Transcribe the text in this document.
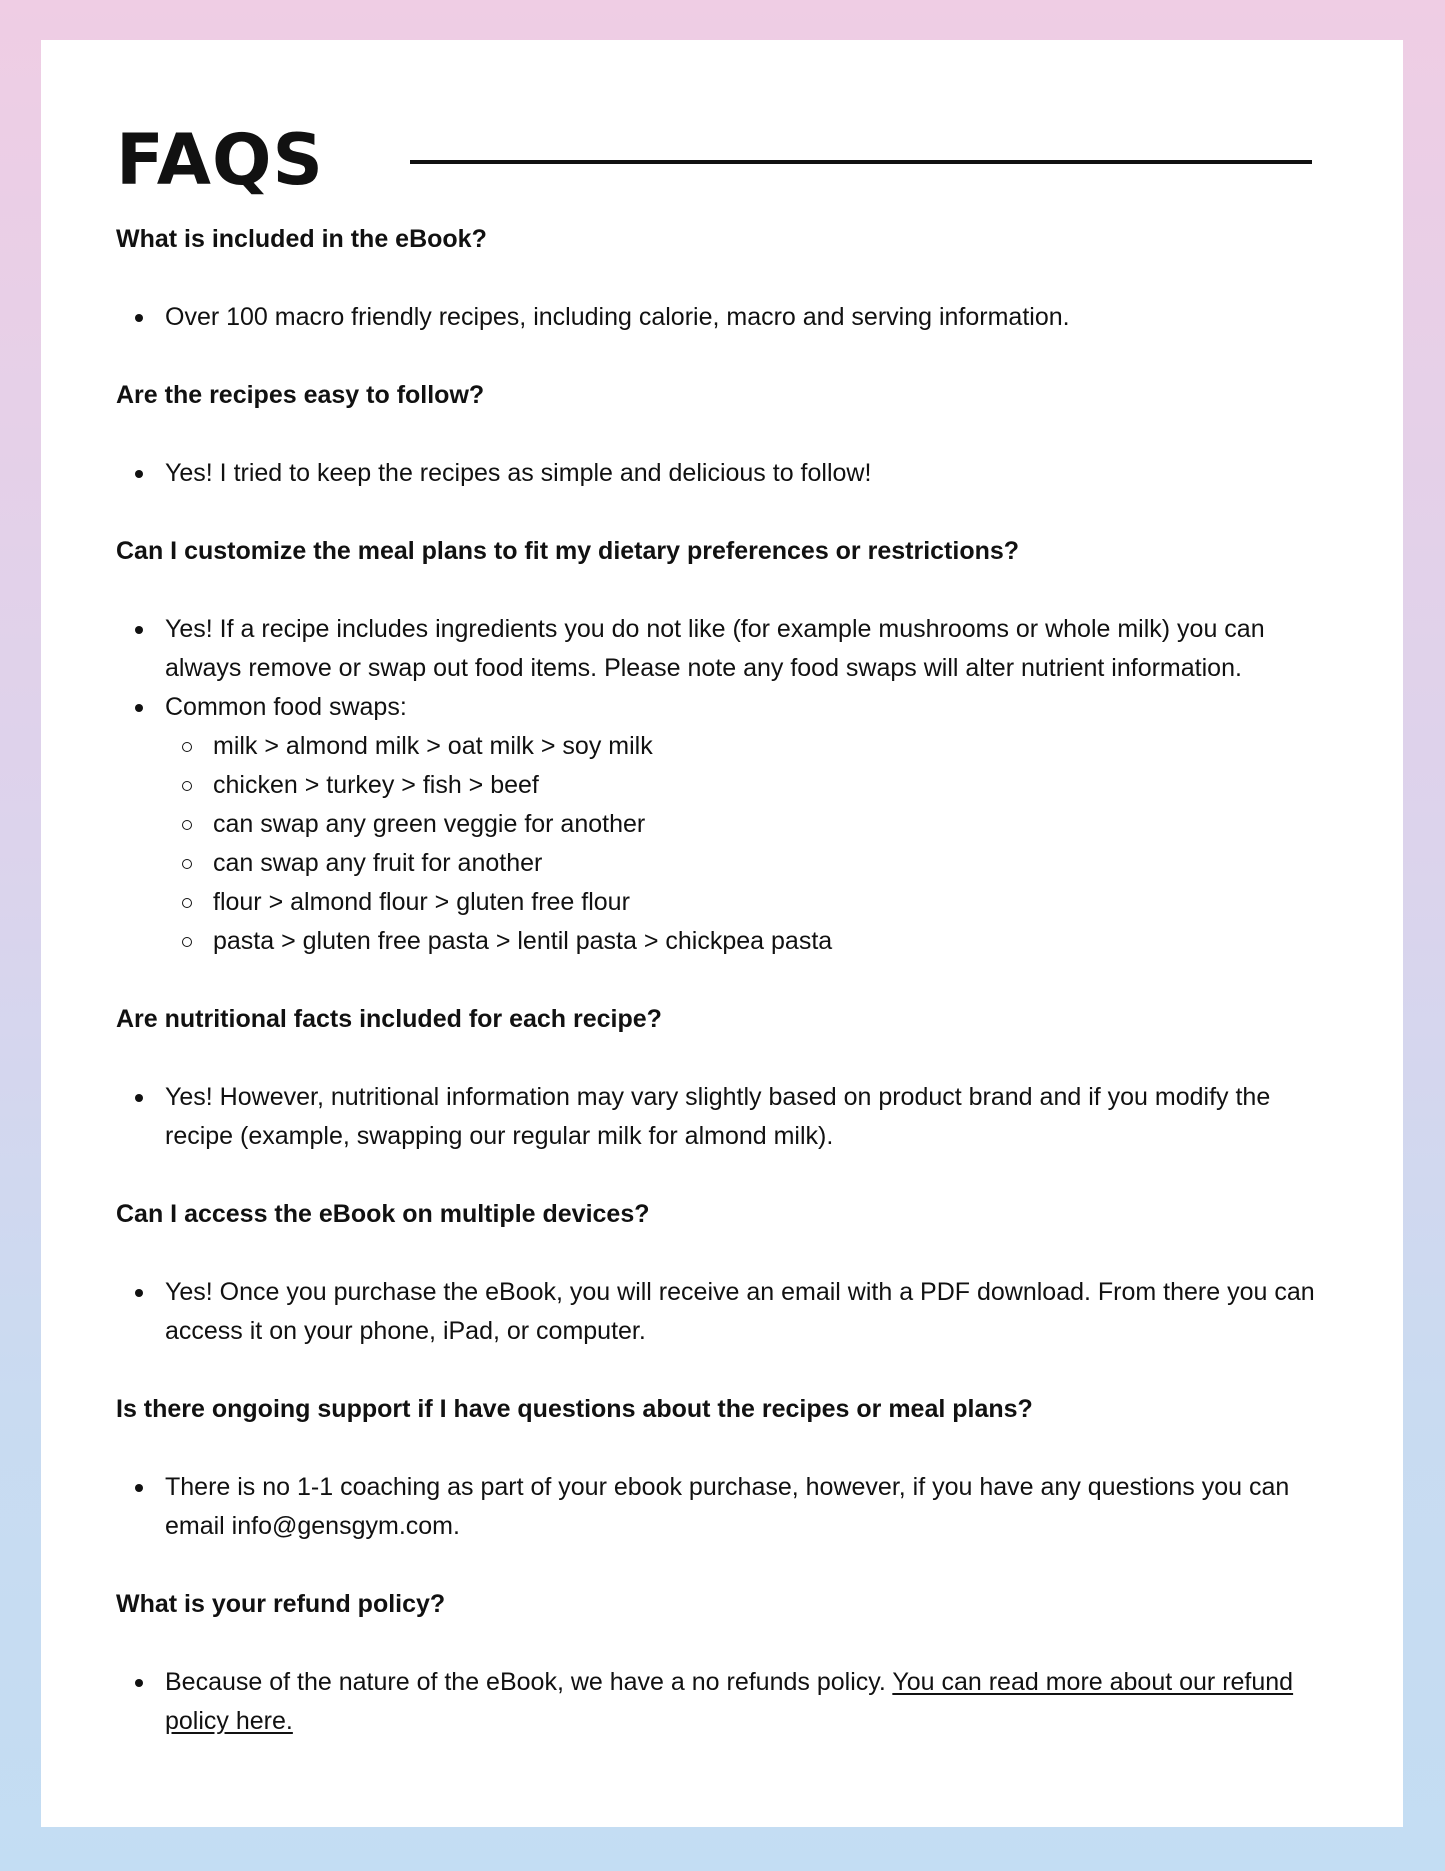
FAQS

What is included in the eBook?

Over 100 macro friendly recipes, including calorie, macro and serving information.

Are the recipes easy to follow?

Yes! I tried to keep the recipes as simple and delicious to follow!

Can I customize the meal plans to fit my dietary preferences or restrictions?

Yes! If a recipe includes ingredients you do not like (for example mushrooms or whole milk) you can always remove or swap out food items. Please note any food swaps will alter nutrient information.
Common food swaps:
milk > almond milk > oat milk > soy milk
chicken > turkey > fish > beef
can swap any green veggie for another
can swap any fruit for another
flour > almond flour > gluten free flour
pasta > gluten free pasta > lentil pasta > chickpea pasta

Are nutritional facts included for each recipe?

Yes! However, nutritional information may vary slightly based on product brand and if you modify the recipe (example, swapping our regular milk for almond milk).

Can I access the eBook on multiple devices?

Yes! Once you purchase the eBook, you will receive an email with a PDF download. From there you can access it on your phone, iPad, or computer.

Is there ongoing support if I have questions about the recipes or meal plans?

There is no 1-1 coaching as part of your ebook purchase, however, if you have any questions you can email info@gensgym.com.

What is your refund policy?

Because of the nature of the eBook, we have a no refunds policy. You can read more about our refund policy here.
